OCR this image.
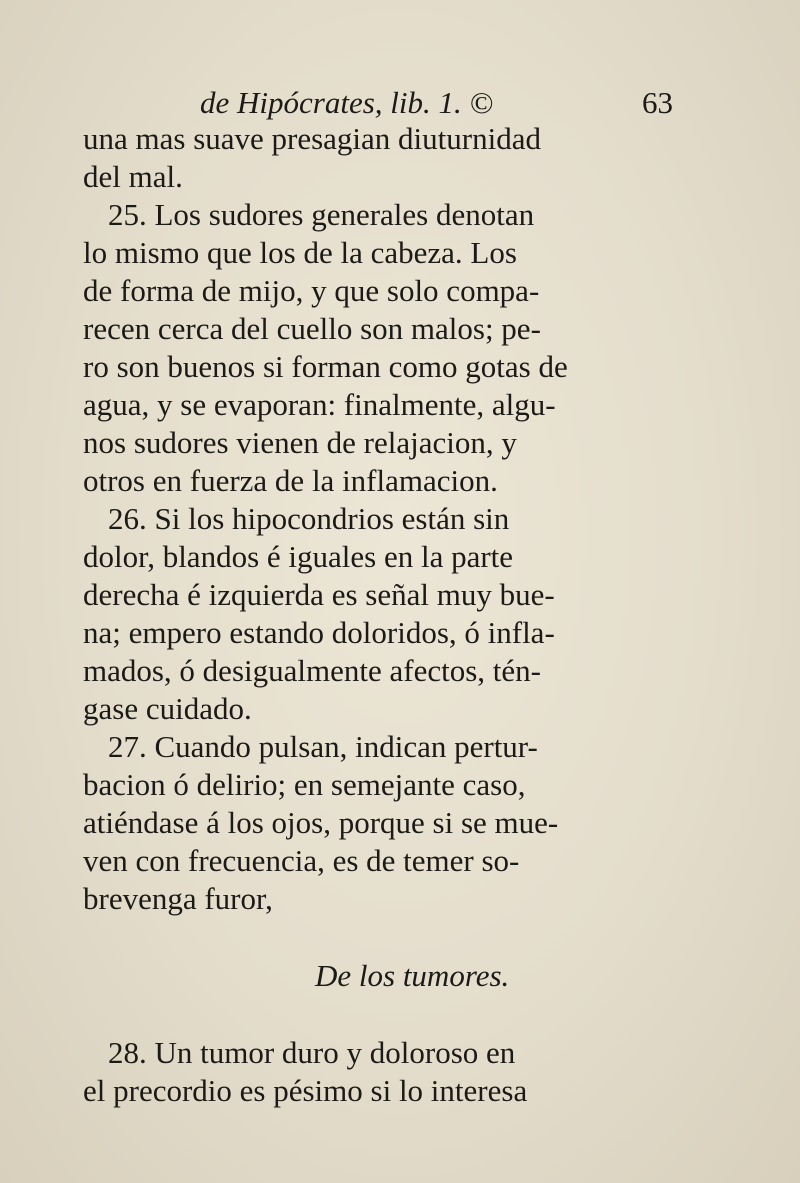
de Hipócrates, lib. 1. ©	63
una mas suave presagian diuturnidad
del mal.
25. Los sudores generales denotan
lo mismo que los de la cabeza. Los
de forma de mijo, y que solo compa-
recen cerca del cuello son malos; pe-
ro son buenos si forman como gotas de
agua, y se evaporan: finalmente, algu-
nos sudores vienen de relajacion, y
otros en fuerza de la inflamacion.
26. Si los hipocondrios están sin
dolor, blandos é iguales en la parte
derecha é izquierda es señal muy bue-
na; empero estando doloridos, ó infla-
mados, ó desigualmente afectos, tén-
gase cuidado.
27. Cuando pulsan, indican pertur-
bacion ó delirio; en semejante caso,
atiéndase á los ojos, porque si se mue-
ven con frecuencia, es de temer so-
brevenga furor,
De los tumores.
28. Un tumor duro y doloroso en
el precordio es pésimo si lo interesa
